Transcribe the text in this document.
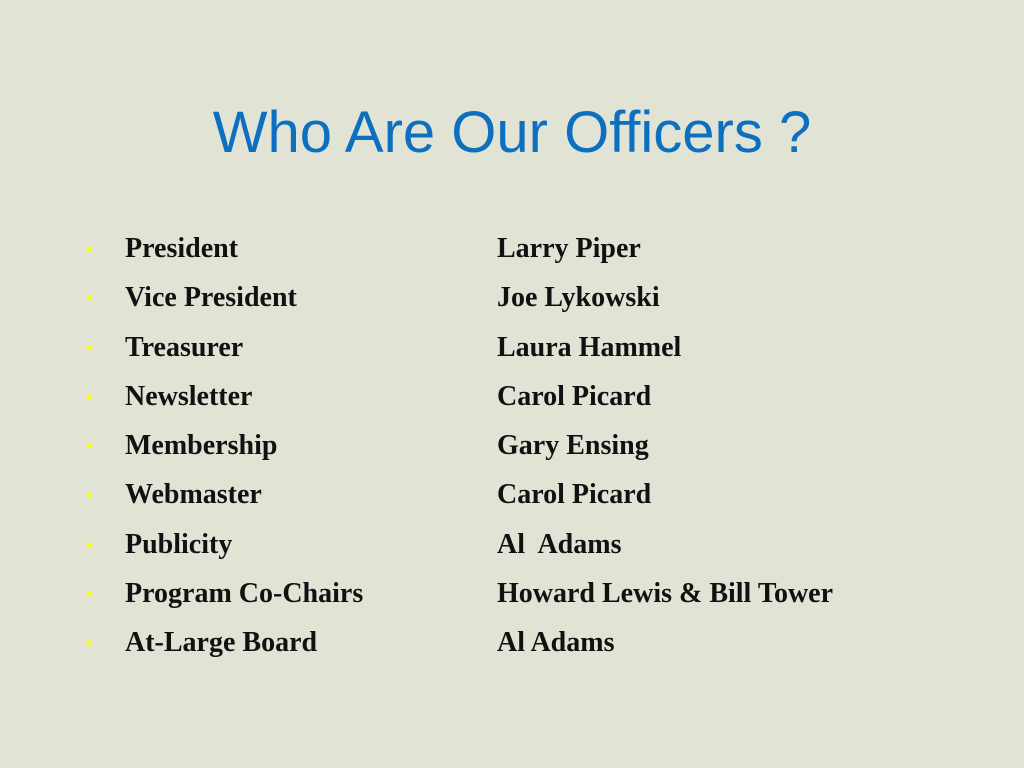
Who Are Our Officers ?
• President	Larry Piper
• Vice President	Joe Lykowski
• Treasurer	Laura Hammel
• Newsletter	Carol Picard
• Membership	Gary Ensing
• Webmaster	Carol Picard
• Publicity	Al  Adams
• Program Co-Chairs	Howard Lewis & Bill Tower
• At-Large Board	Al Adams
